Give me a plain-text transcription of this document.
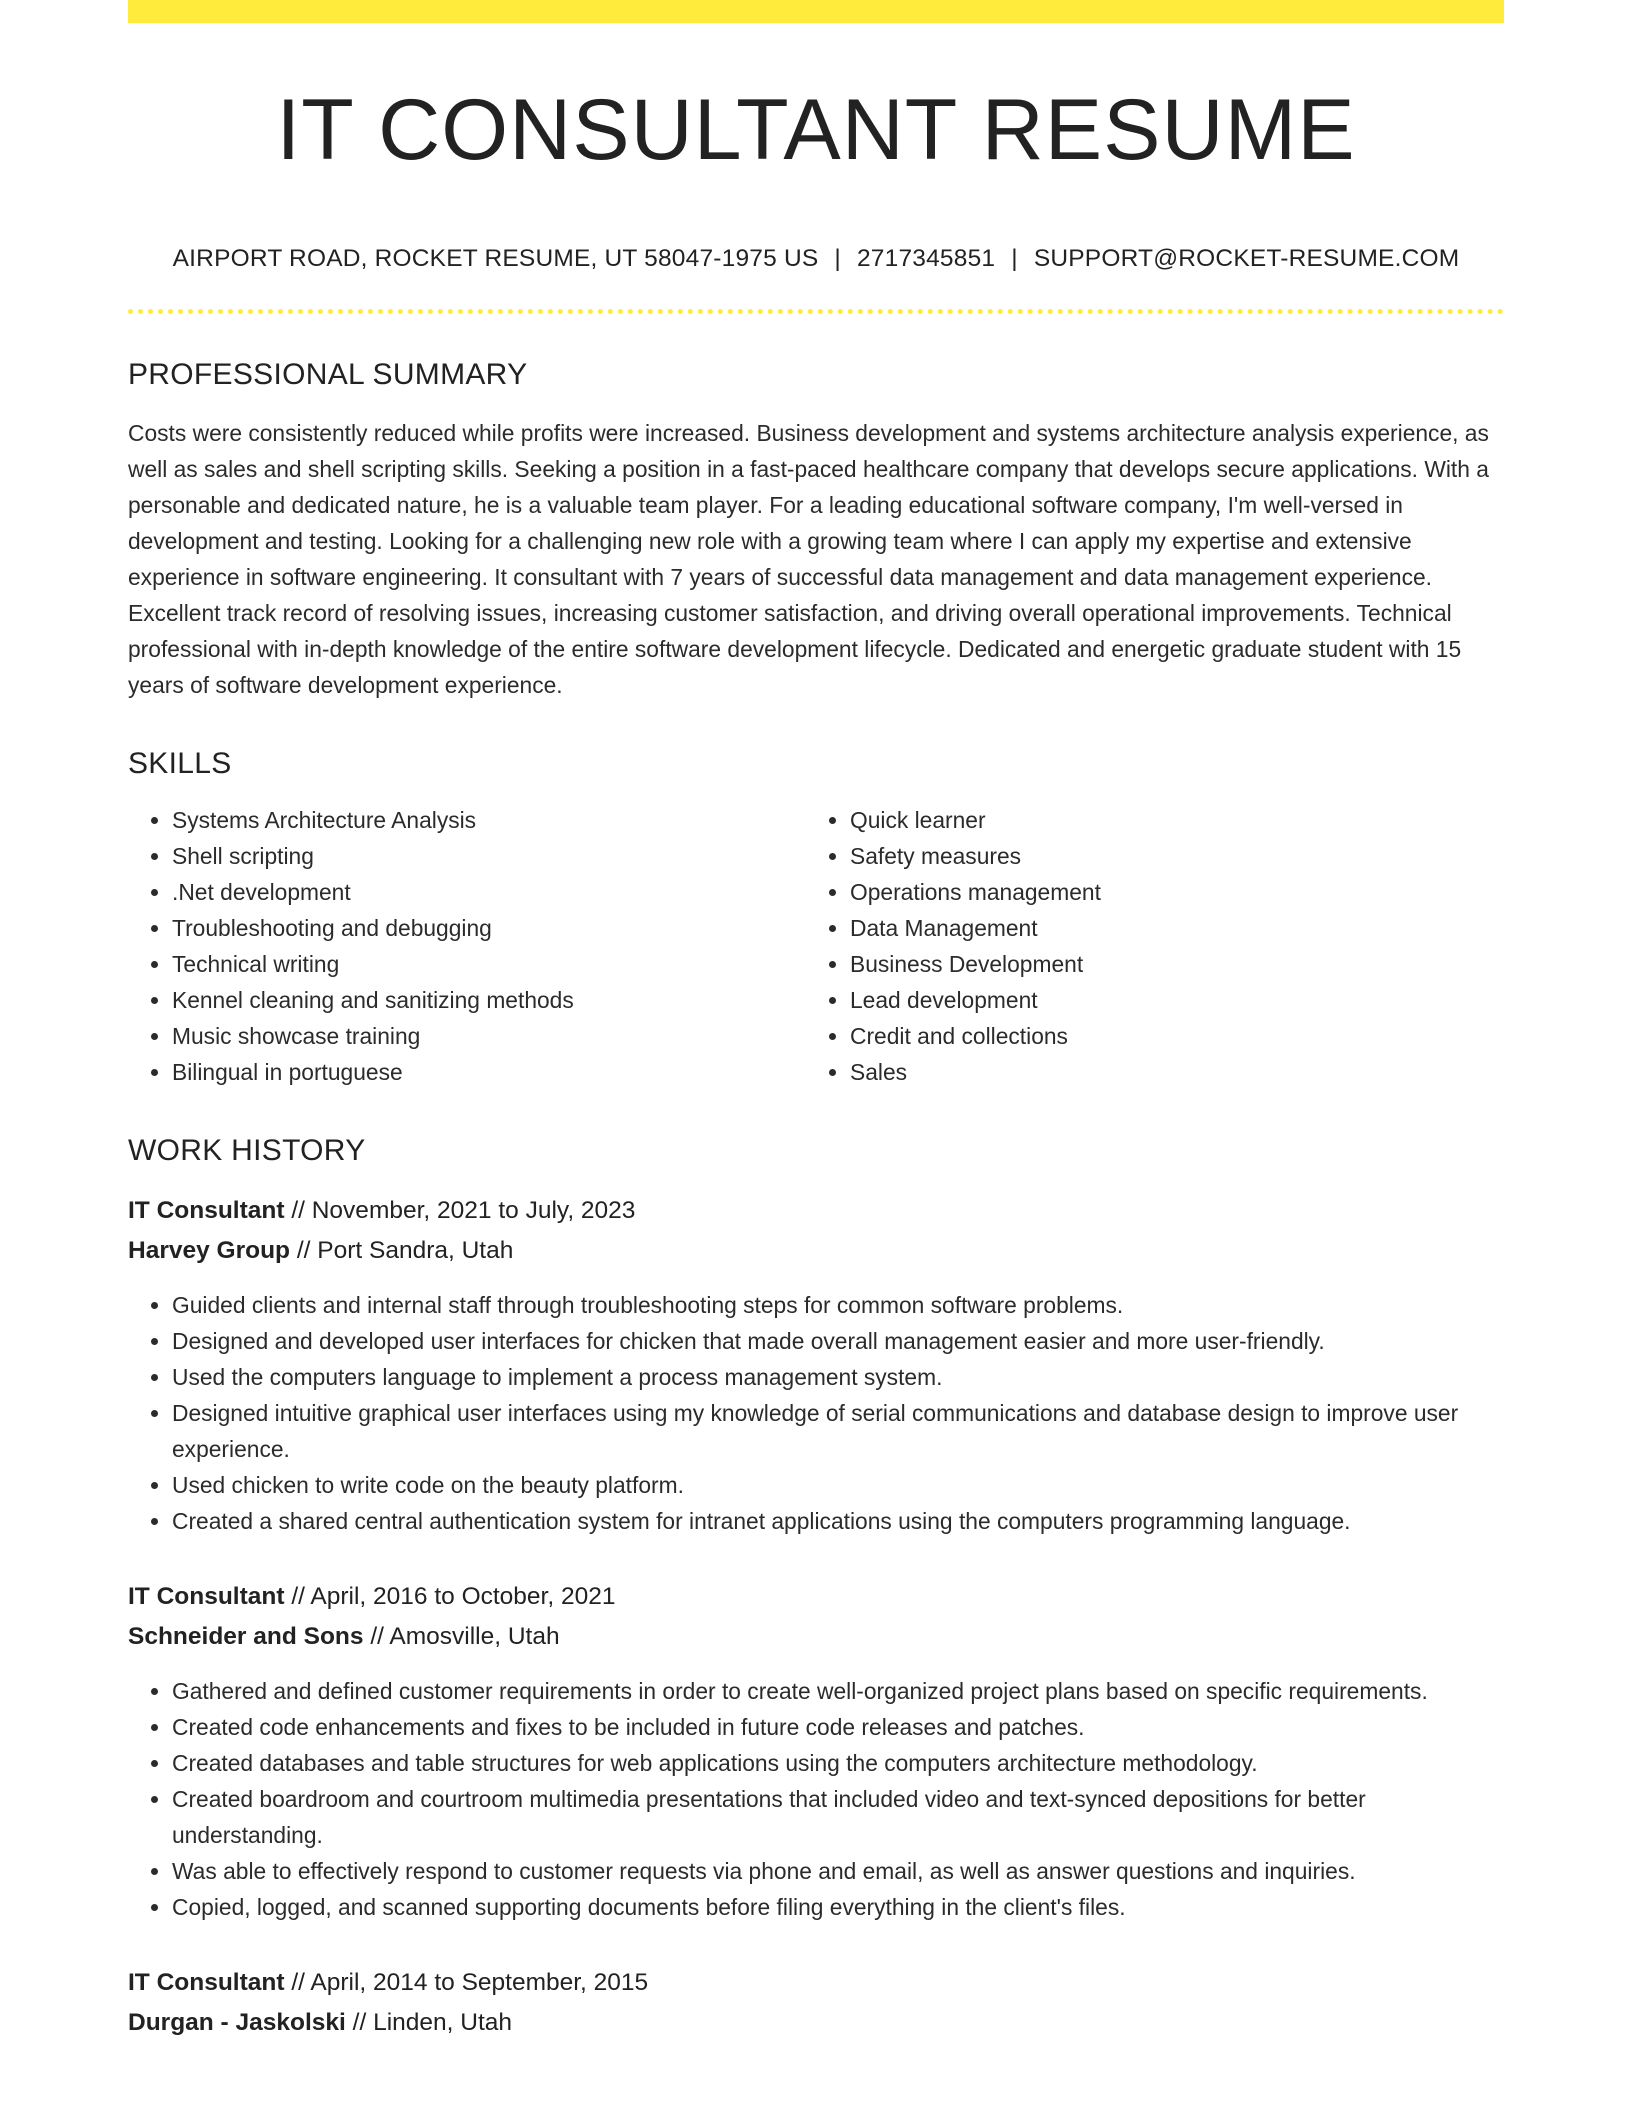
IT CONSULTANT RESUME
AIRPORT ROAD, ROCKET RESUME, UT 58047-1975 US | 2717345851 | SUPPORT@ROCKET-RESUME.COM
PROFESSIONAL SUMMARY
Costs were consistently reduced while profits were increased. Business development and systems architecture analysis experience, as well as sales and shell scripting skills. Seeking a position in a fast-paced healthcare company that develops secure applications. With a personable and dedicated nature, he is a valuable team player. For a leading educational software company, I'm well-versed in development and testing. Looking for a challenging new role with a growing team where I can apply my expertise and extensive experience in software engineering. It consultant with 7 years of successful data management and data management experience. Excellent track record of resolving issues, increasing customer satisfaction, and driving overall operational improvements. Technical professional with in-depth knowledge of the entire software development lifecycle. Dedicated and energetic graduate student with 15 years of software development experience.
SKILLS
• Systems Architecture Analysis
• Shell scripting
• .Net development
• Troubleshooting and debugging
• Technical writing
• Kennel cleaning and sanitizing methods
• Music showcase training
• Bilingual in portuguese
• Quick learner
• Safety measures
• Operations management
• Data Management
• Business Development
• Lead development
• Credit and collections
• Sales
WORK HISTORY
IT Consultant // November, 2021 to July, 2023
Harvey Group // Port Sandra, Utah
• Guided clients and internal staff through troubleshooting steps for common software problems.
• Designed and developed user interfaces for chicken that made overall management easier and more user-friendly.
• Used the computers language to implement a process management system.
• Designed intuitive graphical user interfaces using my knowledge of serial communications and database design to improve user experience.
• Used chicken to write code on the beauty platform.
• Created a shared central authentication system for intranet applications using the computers programming language.
IT Consultant // April, 2016 to October, 2021
Schneider and Sons // Amosville, Utah
• Gathered and defined customer requirements in order to create well-organized project plans based on specific requirements.
• Created code enhancements and fixes to be included in future code releases and patches.
• Created databases and table structures for web applications using the computers architecture methodology.
• Created boardroom and courtroom multimedia presentations that included video and text-synced depositions for better understanding.
• Was able to effectively respond to customer requests via phone and email, as well as answer questions and inquiries.
• Copied, logged, and scanned supporting documents before filing everything in the client's files.
IT Consultant // April, 2014 to September, 2015
Durgan - Jaskolski // Linden, Utah
